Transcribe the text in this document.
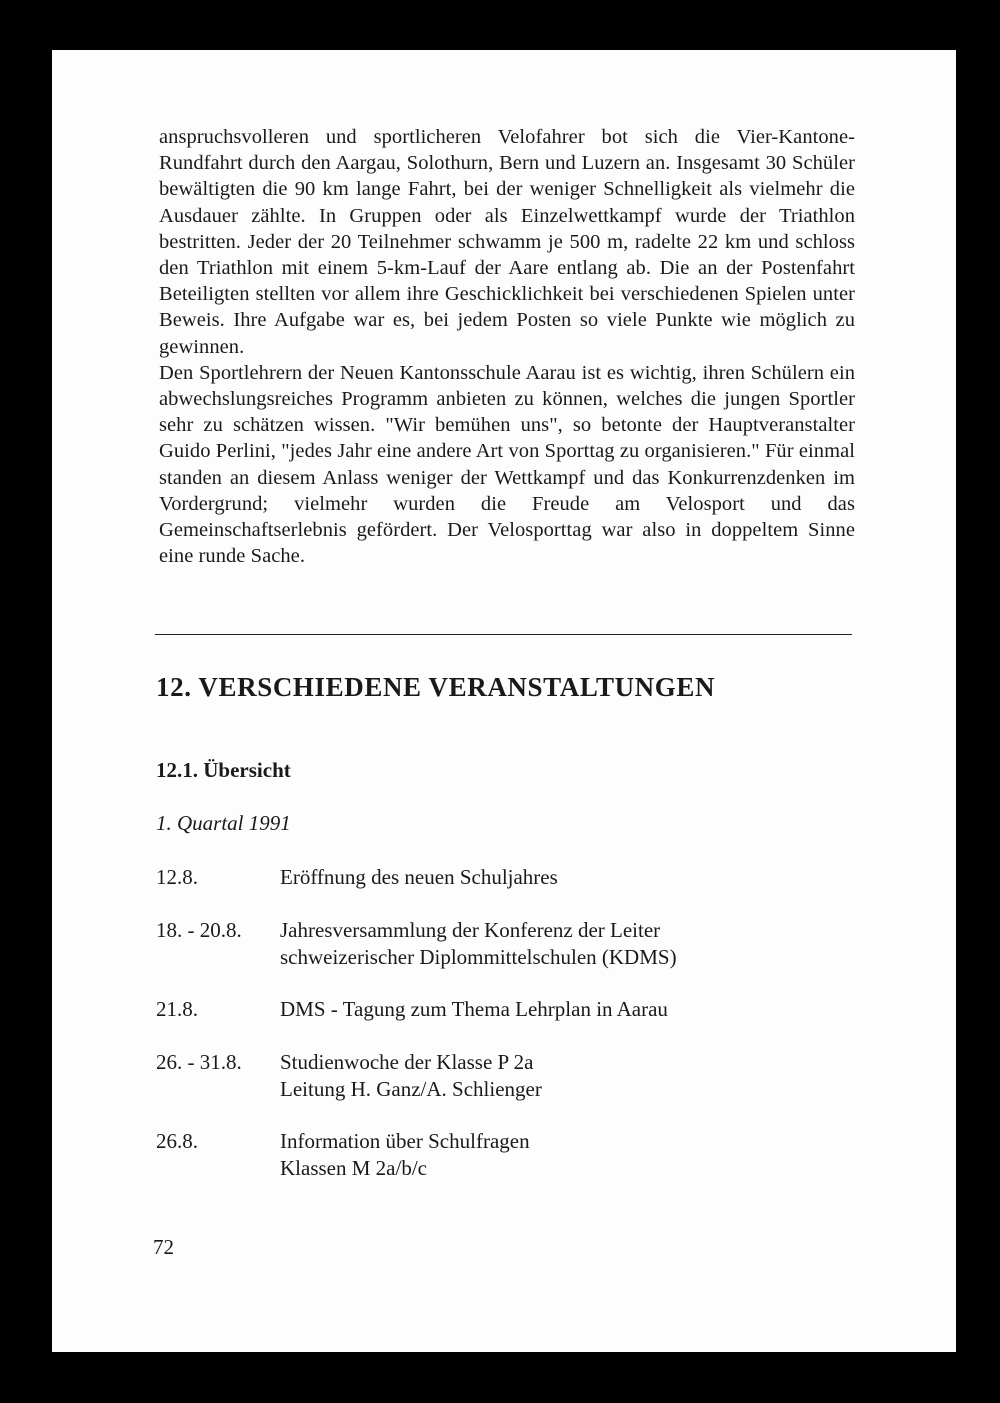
anspruchsvolleren und sportlicheren Velofahrer bot sich die Vier-Kantone-Rundfahrt durch den Aargau, Solothurn, Bern und Luzern an. Insgesamt 30 Schüler bewältigten die 90 km lange Fahrt, bei der weniger Schnelligkeit als vielmehr die Ausdauer zählte. In Gruppen oder als Einzelwettkampf wurde der Triathlon bestritten. Jeder der 20 Teilnehmer schwamm je 500 m, radelte 22 km und schloss den Triathlon mit einem 5-km-Lauf der Aare entlang ab. Die an der Postenfahrt Beteiligten stellten vor allem ihre Geschicklichkeit bei verschiedenen Spielen unter Beweis. Ihre Aufgabe war es, bei jedem Posten so viele Punkte wie möglich zu gewinnen.

Den Sportlehrern der Neuen Kantonsschule Aarau ist es wichtig, ihren Schülern ein abwechslungsreiches Programm anbieten zu können, welches die jungen Sportler sehr zu schätzen wissen. "Wir bemühen uns", so betonte der Hauptveranstalter Guido Perlini, "jedes Jahr eine andere Art von Sporttag zu organisieren." Für einmal standen an diesem Anlass weniger der Wettkampf und das Konkurrenzdenken im Vordergrund; vielmehr wurden die Freude am Velosport und das Gemeinschaftserlebnis gefördert. Der Velosporttag war also in doppeltem Sinne eine runde Sache.

12. VERSCHIEDENE VERANSTALTUNGEN
12.1. Übersicht

1. Quartal 1991

12.8.	Eröffnung des neuen Schuljahres
18. - 20.8. Jahresversammlung der Konferenz der Leiter
schweizerischer Diplommittelschulen (KDMS)
21.8.	DMS - Tagung zum Thema Lehrplan in Aarau
26. - 31.8. Studienwoche der Klasse P 2a
Leitung H. Ganz/A. Schlienger
26.8.	Information über Schulfragen
Klassen M 2a/b/c
72
